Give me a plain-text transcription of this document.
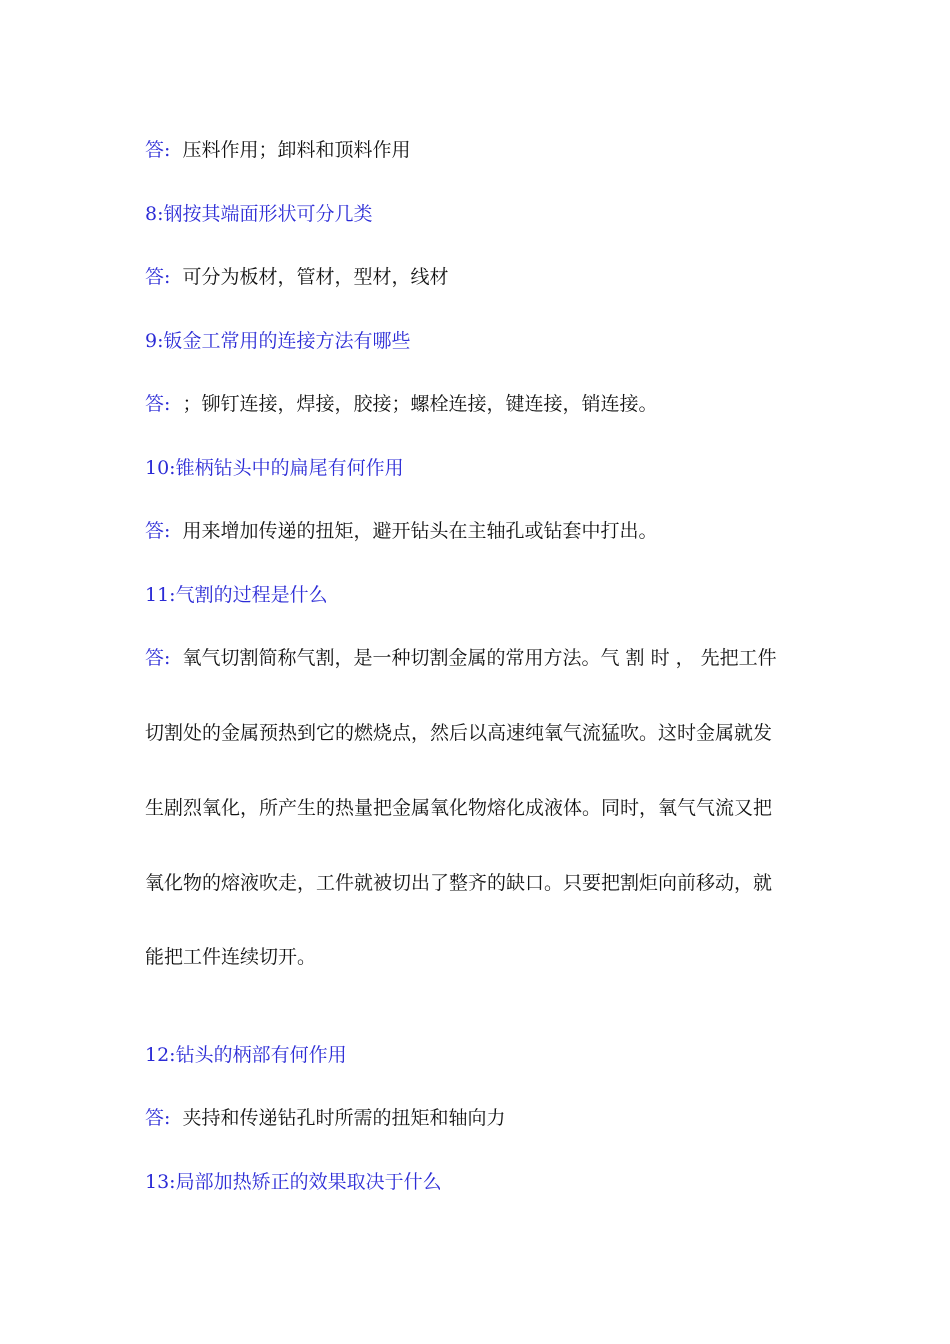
答: 压料作用；卸料和顶料作用
8:钢按其端面形状可分几类
答: 可分为板材，管材，型材，线材
9:钣金工常用的连接方法有哪些
答: ；铆钉连接，焊接，胶接；螺栓连接，键连接，销连接。
10:锥柄钻头中的扁尾有何作用
答: 用来增加传递的扭矩，避开钻头在主轴孔或钻套中打出。
11:气割的过程是什么
答: 氧气切割简称气割，是一种切割金属的常用方法。气 割 时 ， 先把工件
切割处的金属预热到它的燃烧点，然后以高速纯氧气流猛吹。这时金属就发
生剧烈氧化，所产生的热量把金属氧化物熔化成液体。同时，氧气气流又把
氧化物的熔液吹走，工件就被切出了整齐的缺口。只要把割炬向前移动，就
能把工件连续切开。
12:钻头的柄部有何作用
答: 夹持和传递钻孔时所需的扭矩和轴向力
13:局部加热矫正的效果取决于什么
